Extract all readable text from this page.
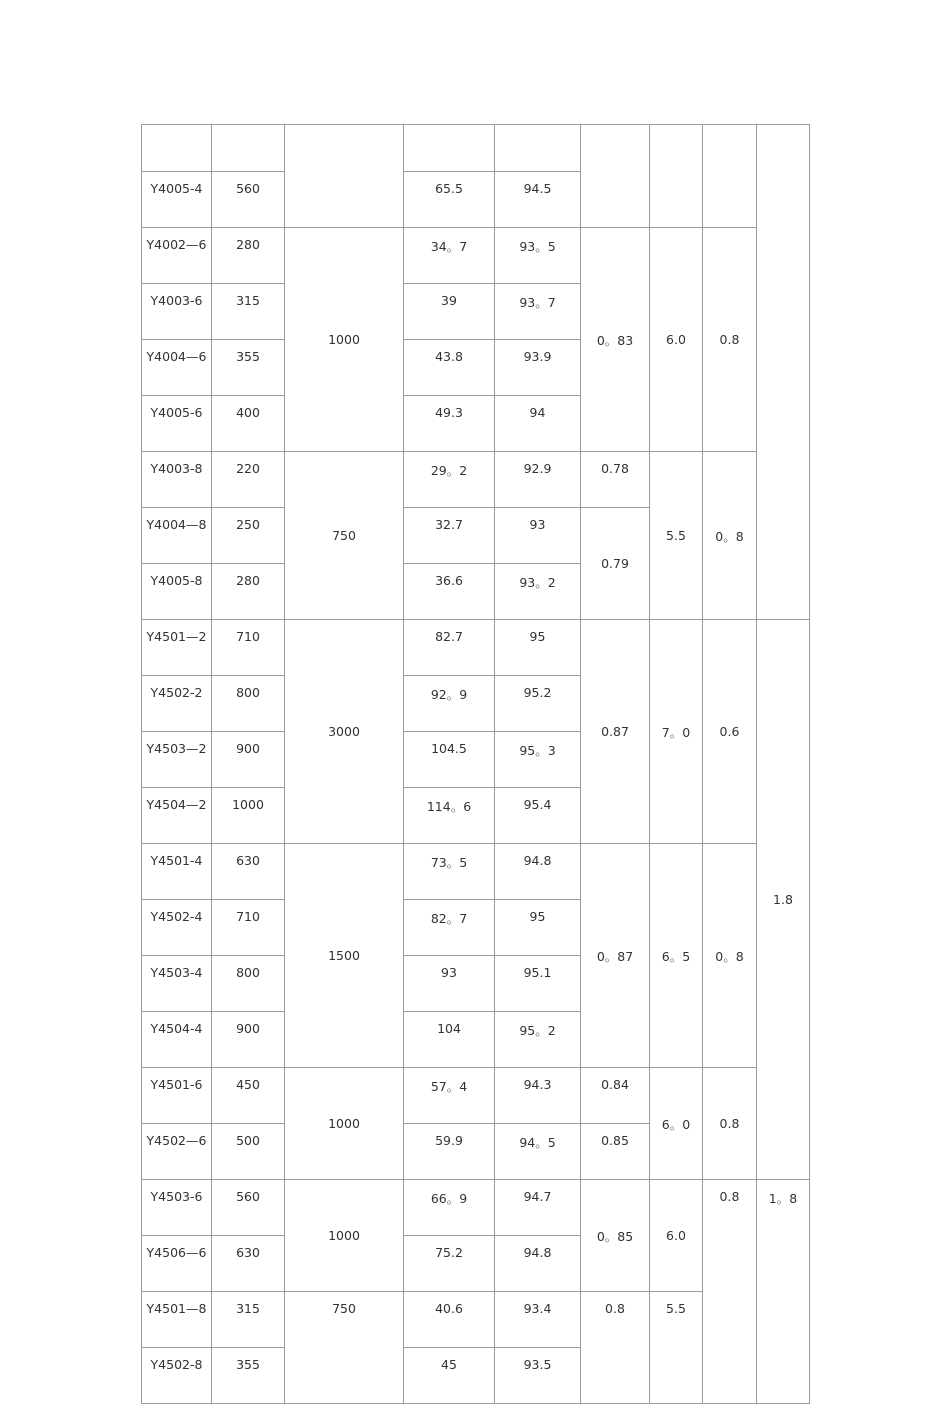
Y4005-4	560		65.5	94.5				
Y4002—6	280	1000	34。7	93。5	0。83	6.0	0.8	
Y4003-6	315		39	93。7				
Y4004—6	355		43.8	93.9				
Y4005-6	400		49.3	94				
Y4003-8	220	750	29。2	92.9	0.78	5.5	0。8	
Y4004—8	250		32.7	93	0.79			
Y4005-8	280		36.6	93。2				
Y4501—2	710	3000	82.7	95	0.87	7。0	0.6	1.8
Y4502-2	800		92。9	95.2				
Y4503—2	900		104.5	95。3				
Y4504—2	1000		114。6	95.4				
Y4501-4	630	1500	73。5	94.8	0。87	6。5	0。8	
Y4502-4	710		82。7	95				
Y4503-4	800		93	95.1				
Y4504-4	900		104	95。2				
Y4501-6	450	1000	57。4	94.3	0.84	6。0	0.8	
Y4502—6	500		59.9	94。5	0.85			
Y4503-6	560	1000	66。9	94.7	0。85	6.0	0.8	1。8
Y4506—6	630		75.2	94.8				
Y4501—8	315	750	40.6	93.4	0.8	5.5		
Y4502-8	355		45	93.5				
